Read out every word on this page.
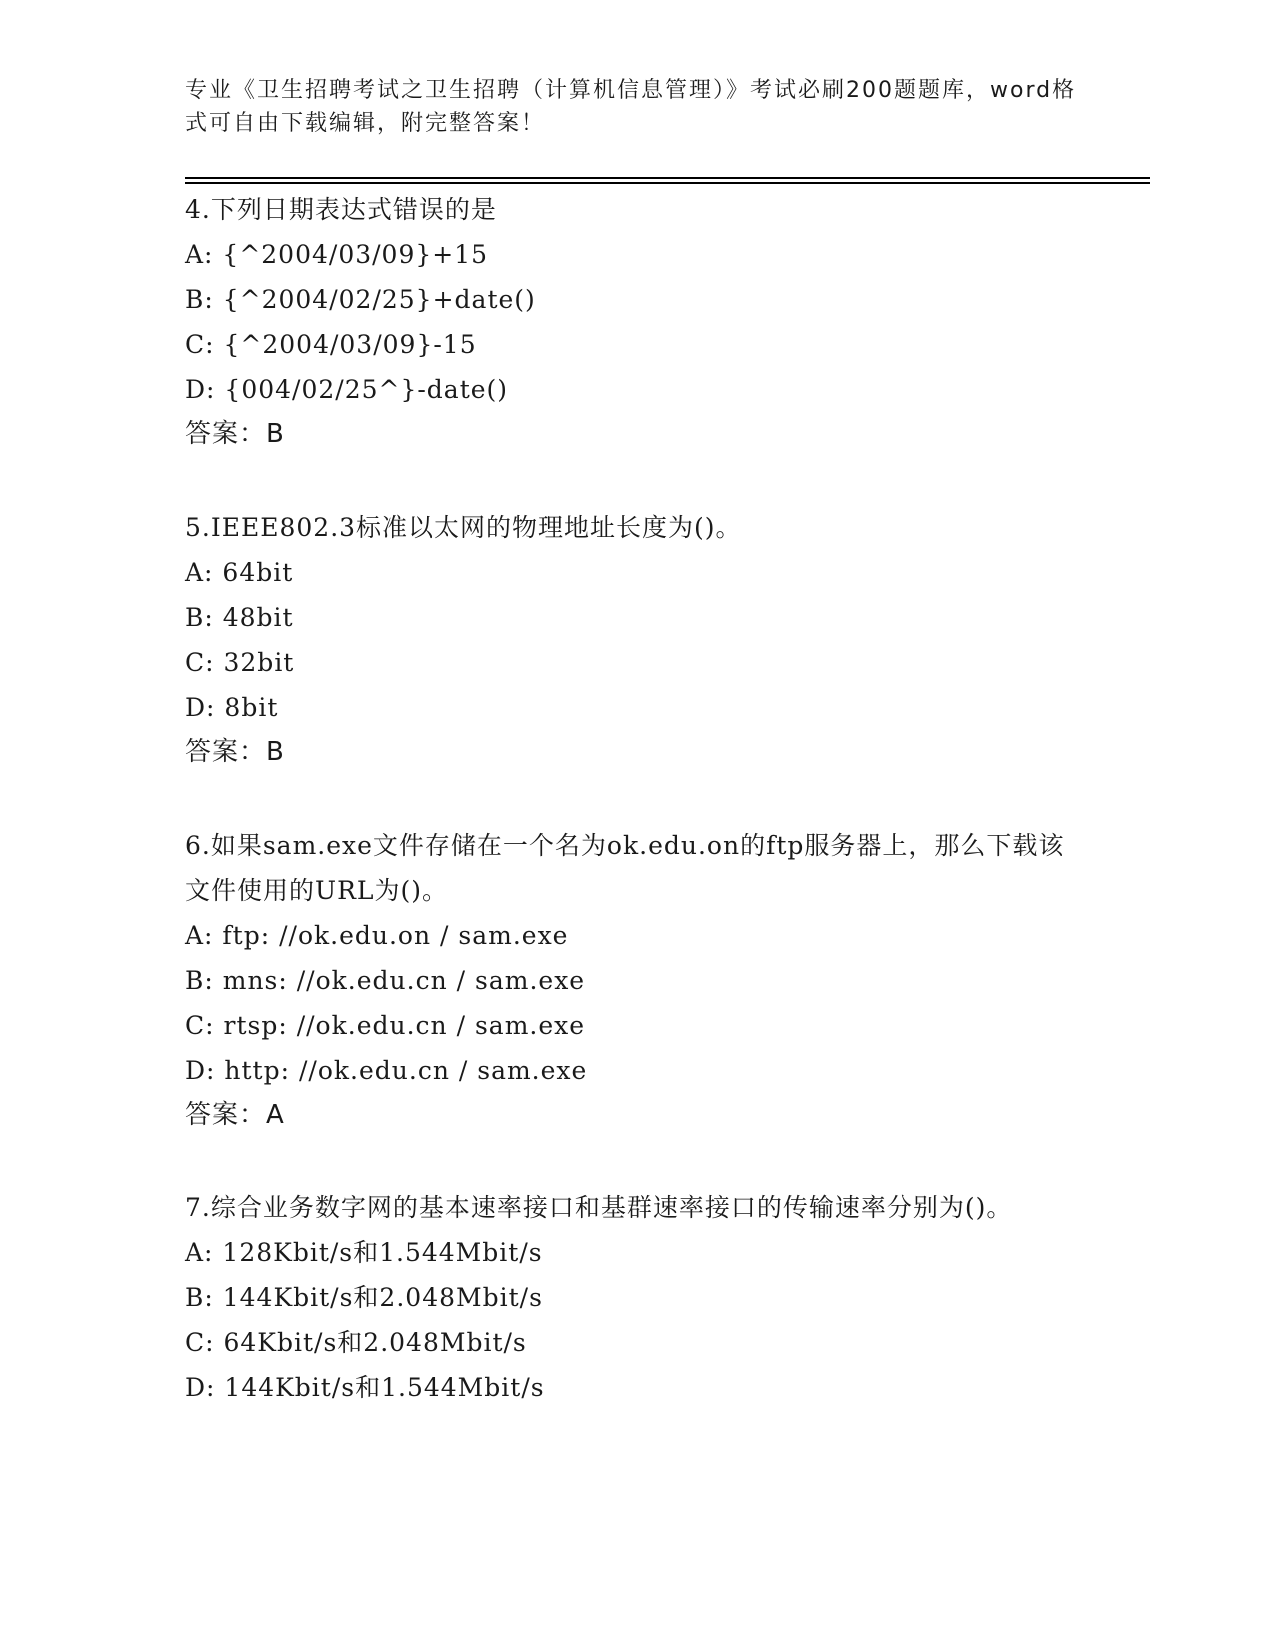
专业《卫生招聘考试之卫生招聘（计算机信息管理）》考试必刷200题题库，word格式可自由下载编辑，附完整答案！
4.下列日期表达式错误的是
A: {^2004/03/09}+15
B: {^2004/02/25}+date()
C: {^2004/03/09}-15
D: {004/02/25^}-date()
答案：B
5.IEEE802.3标准以太网的物理地址长度为()。
A: 64bit
B: 48bit
C: 32bit
D: 8bit
答案：B
6.如果sam.exe文件存储在一个名为ok.edu.on的ftp服务器上，那么下载该文件使用的URL为()。
A: ftp: //ok.edu.on / sam.exe
B: mns: //ok.edu.cn / sam.exe
C: rtsp: //ok.edu.cn / sam.exe
D: http: //ok.edu.cn / sam.exe
答案：A
7.综合业务数字网的基本速率接口和基群速率接口的传输速率分别为()。
A: 128Kbit/s和1.544Mbit/s
B: 144Kbit/s和2.048Mbit/s
C: 64Kbit/s和2.048Mbit/s
D: 144Kbit/s和1.544Mbit/s
